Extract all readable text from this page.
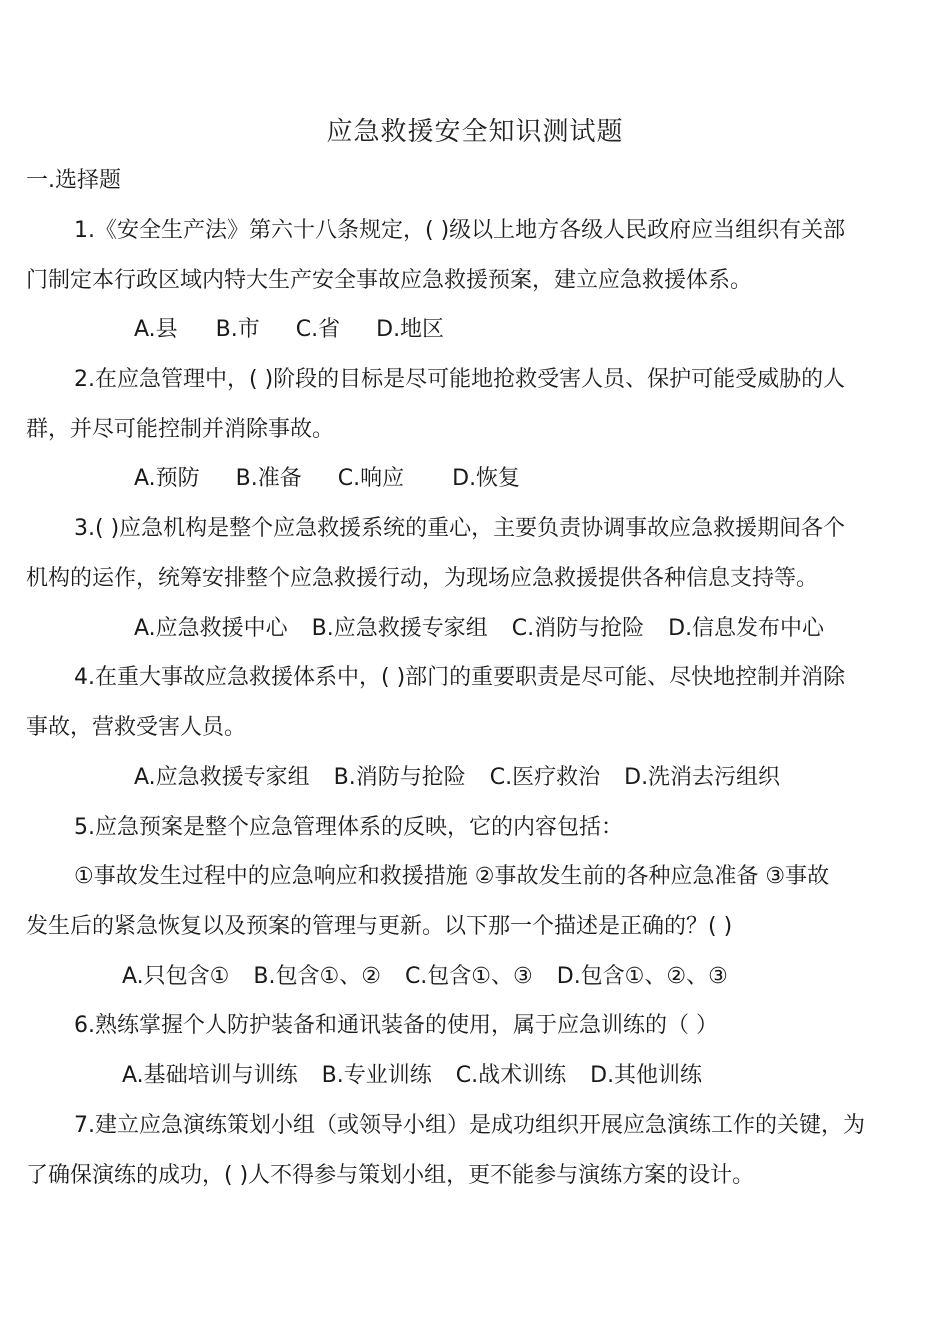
应急救援安全知识测试题
一.选择题
1.《安全生产法》第六十八条规定，( )级以上地方各级人民政府应当组织有关部
门制定本行政区域内特大生产安全事故应急救援预案，建立应急救援体系。
A.县 B.市 C.省 D.地区
2.在应急管理中，( )阶段的目标是尽可能地抢救受害人员、保护可能受威胁的人
群，并尽可能控制并消除事故。
A.预防 B.准备 C.响应 D.恢复
3.( )应急机构是整个应急救援系统的重心，主要负责协调事故应急救援期间各个
机构的运作，统筹安排整个应急救援行动，为现场应急救援提供各种信息支持等。
A.应急救援中心 B.应急救援专家组 C.消防与抢险 D.信息发布中心
4.在重大事故应急救援体系中，( )部门的重要职责是尽可能、尽快地控制并消除
事故，营救受害人员。
A.应急救援专家组 B.消防与抢险 C.医疗救治 D.洗消去污组织
5.应急预案是整个应急管理体系的反映，它的内容包括：
①事故发生过程中的应急响应和救援措施 ②事故发生前的各种应急准备 ③事故
发生后的紧急恢复以及预案的管理与更新。以下那一个描述是正确的？( )
A.只包含① B.包含①、② C.包含①、③ D.包含①、②、③
6.熟练掌握个人防护装备和通讯装备的使用，属于应急训练的（ ）
A.基础培训与训练 B.专业训练 C.战术训练 D.其他训练
7.建立应急演练策划小组（或领导小组）是成功组织开展应急演练工作的关键，为
了确保演练的成功，( )人不得参与策划小组，更不能参与演练方案的设计。
